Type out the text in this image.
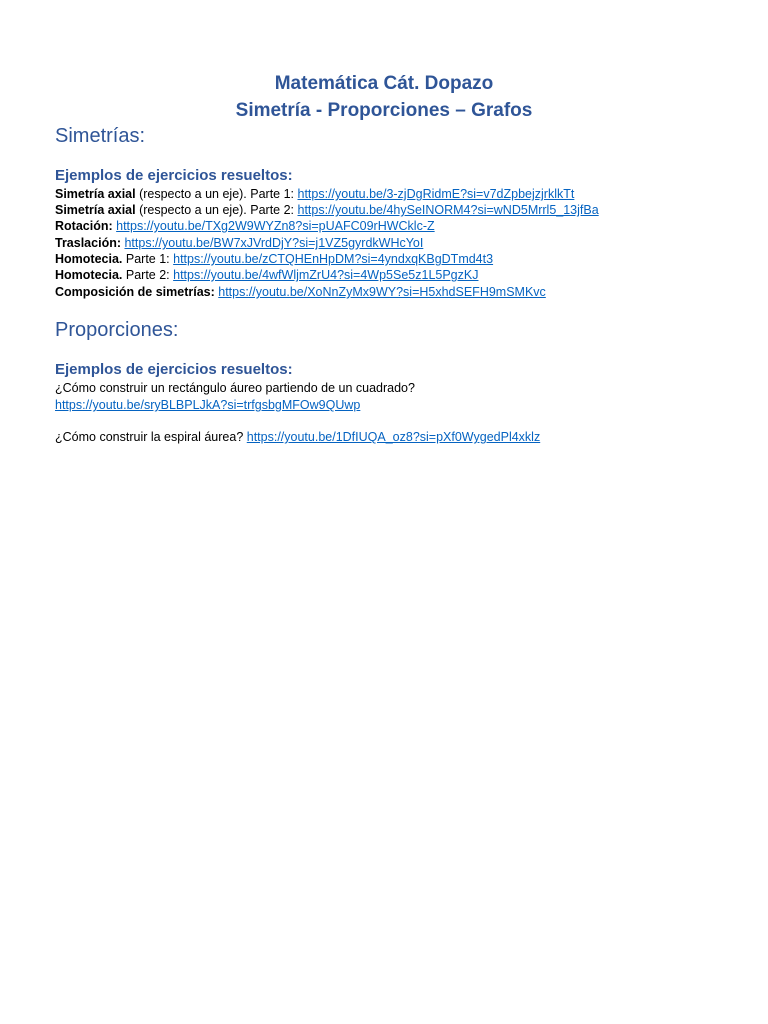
Matemática Cát. Dopazo
Simetría - Proporciones – Grafos
Simetrías:
Ejemplos de ejercicios resueltos:
Simetría axial (respecto a un eje). Parte 1: https://youtu.be/3-zjDgRidmE?si=v7dZpbejzjrklkTt
Simetría axial (respecto a un eje). Parte 2: https://youtu.be/4hySeINORM4?si=wND5Mrrl5_13jfBa
Rotación: https://youtu.be/TXg2W9WYZn8?si=pUAFC09rHWCklc-Z
Traslación: https://youtu.be/BW7xJVrdDjY?si=j1VZ5gyrdkWHcYoI
Homotecia. Parte 1: https://youtu.be/zCTQHEnHpDM?si=4yndxqKBgDTmd4t3
Homotecia. Parte 2: https://youtu.be/4wfWljmZrU4?si=4Wp5Se5z1L5PgzKJ
Composición de simetrías: https://youtu.be/XoNnZyMx9WY?si=H5xhdSEFH9mSMKvc
Proporciones:
Ejemplos de ejercicios resueltos:
¿Cómo construir un rectángulo áureo partiendo de un cuadrado?
https://youtu.be/sryBLBPLJkA?si=trfgsbgMFOw9QUwp
¿Cómo construir la espiral áurea? https://youtu.be/1DfIUQA_oz8?si=pXf0WygedPl4xklz
